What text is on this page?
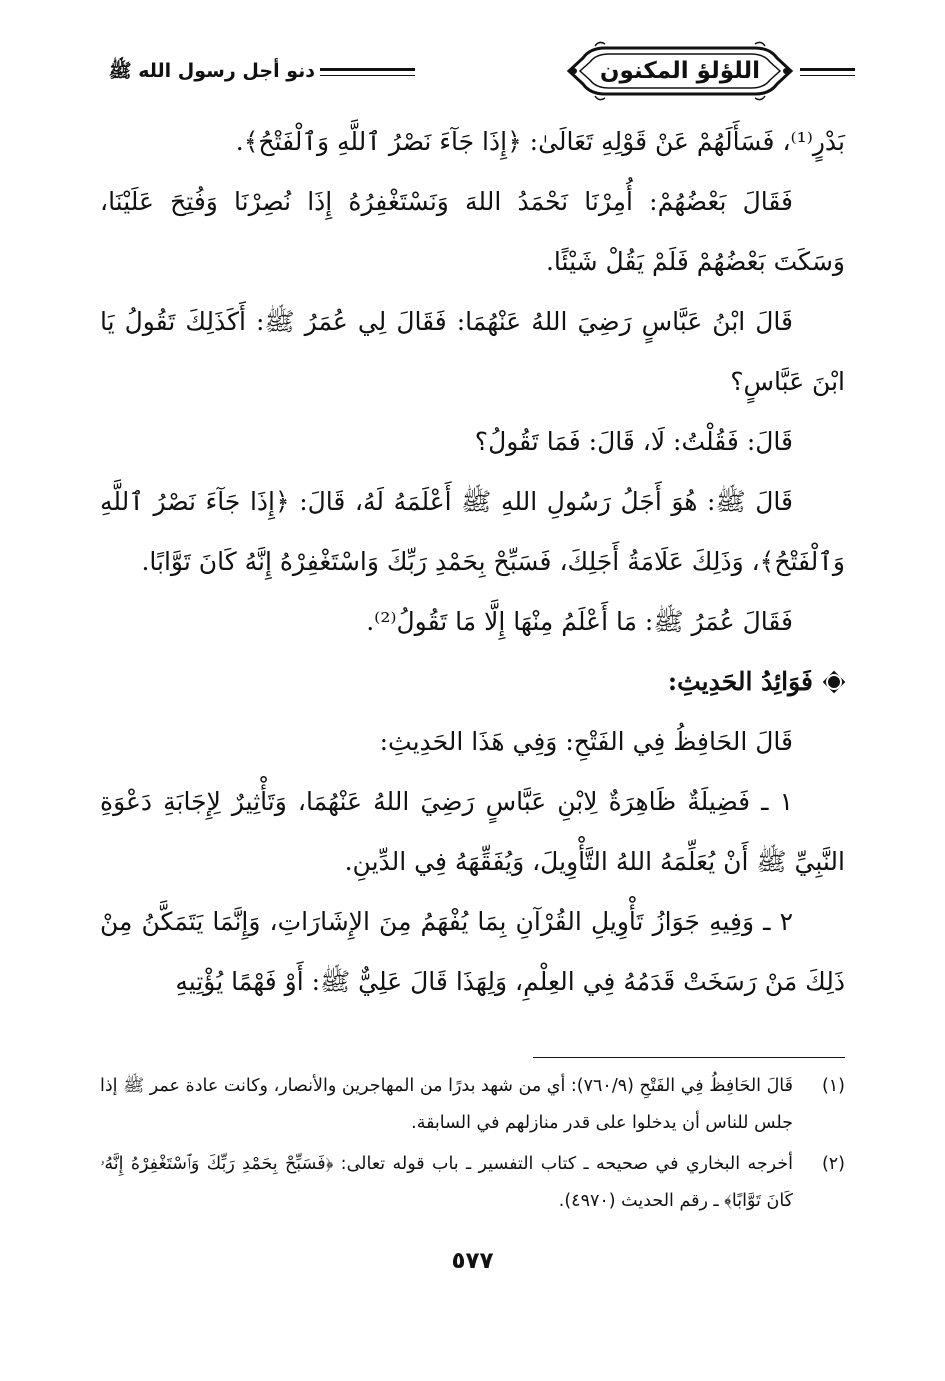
دنو أجل رسول الله ﷺ	اللؤلؤ المكنون

بَدْرٍ⁽¹⁾، فَسَأَلَهُمْ عَنْ قَوْلِهِ تَعَالَىٰ: ﴿إِذَا جَآءَ نَصْرُ ٱللَّهِ وَٱلْفَتْحُ﴾.

فَقَالَ بَعْضُهُمْ: أُمِرْنَا نَحْمَدُ اللهَ وَنَسْتَغْفِرُهُ إِذَا نُصِرْنَا وَفُتِحَ عَلَيْنَا، وَسَكَتَ بَعْضُهُمْ فَلَمْ يَقُلْ شَيْئًا.

قَالَ ابْنُ عَبَّاسٍ رَضِيَ اللهُ عَنْهُمَا: فَقَالَ لِي عُمَرُ ﷺ: أَكَذَلِكَ تَقُولُ يَا ابْنَ عَبَّاسٍ؟

قَالَ: فَقُلْتُ: لَا، قَالَ: فَمَا تَقُولُ؟

قَالَ ﷺ: هُوَ أَجَلُ رَسُولِ اللهِ ﷺ أَعْلَمَهُ لَهُ، قَالَ: ﴿إِذَا جَآءَ نَصْرُ ٱللَّهِ وَٱلْفَتْحُ﴾، وَذَلِكَ عَلَامَةُ أَجَلِكَ، فَسَبِّحْ بِحَمْدِ رَبِّكَ وَاسْتَغْفِرْهُ إِنَّهُ كَانَ تَوَّابًا.

فَقَالَ عُمَرُ ﷺ: مَا أَعْلَمُ مِنْهَا إِلَّا مَا تَقُولُ⁽²⁾.

فَوَائِدُ الحَدِيثِ:

قَالَ الحَافِظُ فِي الفَتْحِ: وَفِي هَذَا الحَدِيثِ:

١ ـ فَضِيلَةٌ ظَاهِرَةٌ لِابْنِ عَبَّاسٍ رَضِيَ اللهُ عَنْهُمَا، وَتَأْثِيرٌ لِإِجَابَةِ دَعْوَةِ النَّبِيِّ ﷺ أَنْ يُعَلِّمَهُ اللهُ التَّأْوِيلَ، وَيُفَقِّهَهُ فِي الدِّينِ.

٢ ـ وَفِيهِ جَوَازُ تَأْوِيلِ القُرْآنِ بِمَا يُفْهَمُ مِنَ الإِشَارَاتِ، وَإِنَّمَا يَتَمَكَّنُ مِنْ ذَلِكَ مَنْ رَسَخَتْ قَدَمُهُ فِي العِلْمِ، وَلِهَذَا قَالَ عَلِيٌّ ﷺ: أَوْ فَهْمًا يُؤْتِيهِ

(١)
قَالَ الحَافِظُ فِي الفَتْحِ (٧٦٠/٩): أي من شهد بدرًا من المهاجرين والأنصار، وكانت عادة عمر ﷺ إذا جلس للناس أن يدخلوا على قدر منازلهم في السابقة.
(٢)
أخرجه البخاري في صحيحه ـ كتاب التفسير ـ باب قوله تعالى: ﴿فَسَبِّحْ بِحَمْدِ رَبِّكَ وَٱسْتَغْفِرْهُ إِنَّهُۥ كَانَ تَوَّابًا﴾ ـ رقم الحديث (٤٩٧٠).
٥٧٧
